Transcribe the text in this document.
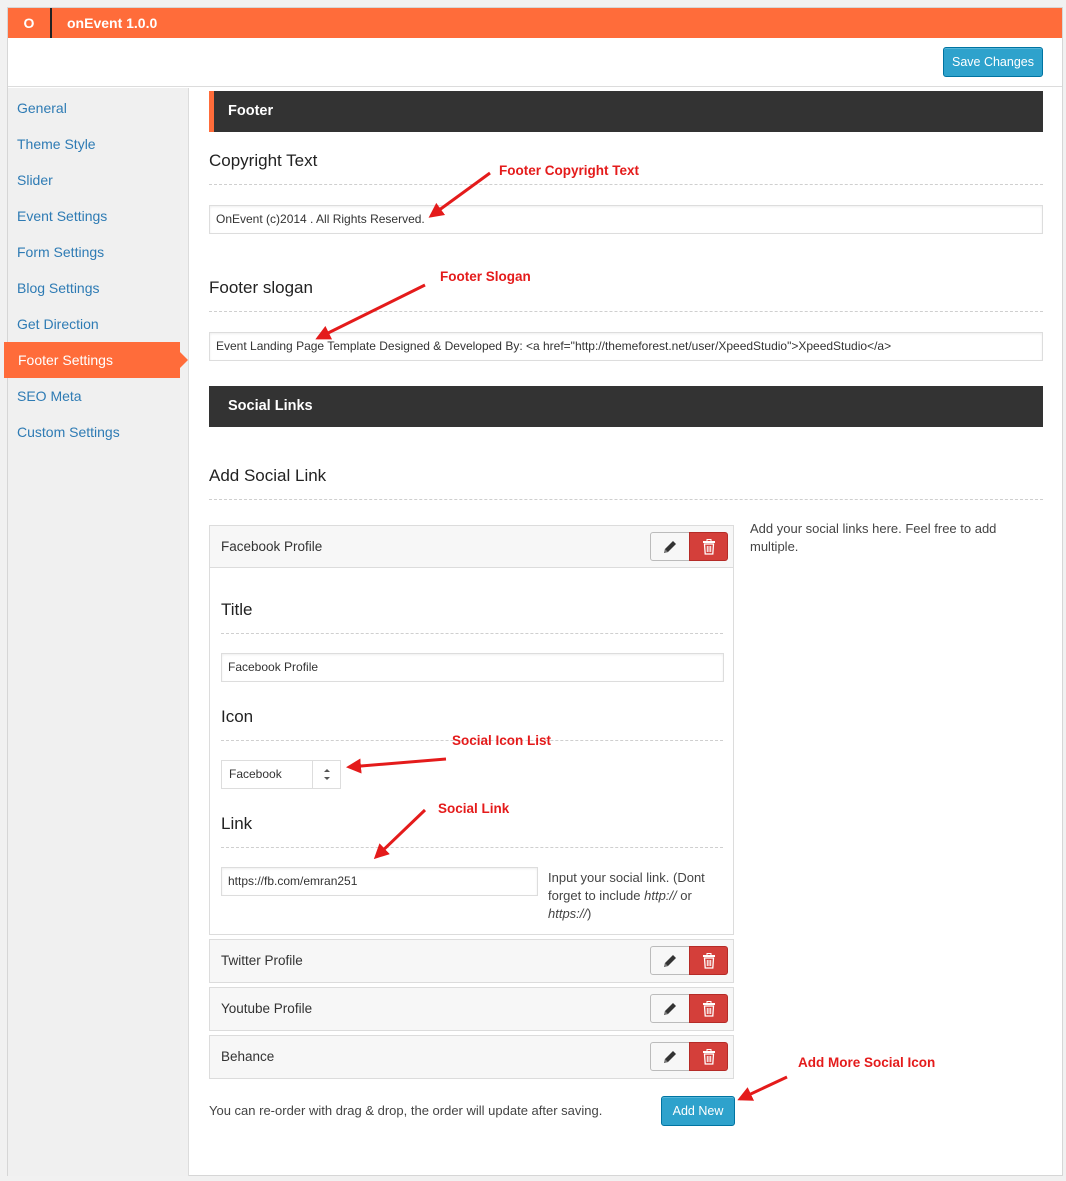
O	onEvent 1.0.0
Save Changes
General
Theme Style
Slider
Event Settings
Form Settings
Blog Settings
Get Direction
Footer Settings
SEO Meta
Custom Settings
Footer
Copyright Text
OnEvent (c)2014 . All Rights Reserved.
Footer slogan
Event Landing Page Template Designed & Developed By: <a href="http://themeforest.net/user/XpeedStudio">XpeedStudio</a>
Social Links
Add Social Link
Add your social links here. Feel free to add multiple.
Facebook Profile
Title
Facebook Profile
Icon
Facebook
Link
https://fb.com/emran251	Input your social link. (Dont forget to include http:// or https://)
Twitter Profile
Youtube Profile
Behance
You can re-order with drag & drop, the order will update after saving.	Add New
Footer Copyright Text
Footer Slogan
Social Icon List
Social Link
Add More Social Icon
